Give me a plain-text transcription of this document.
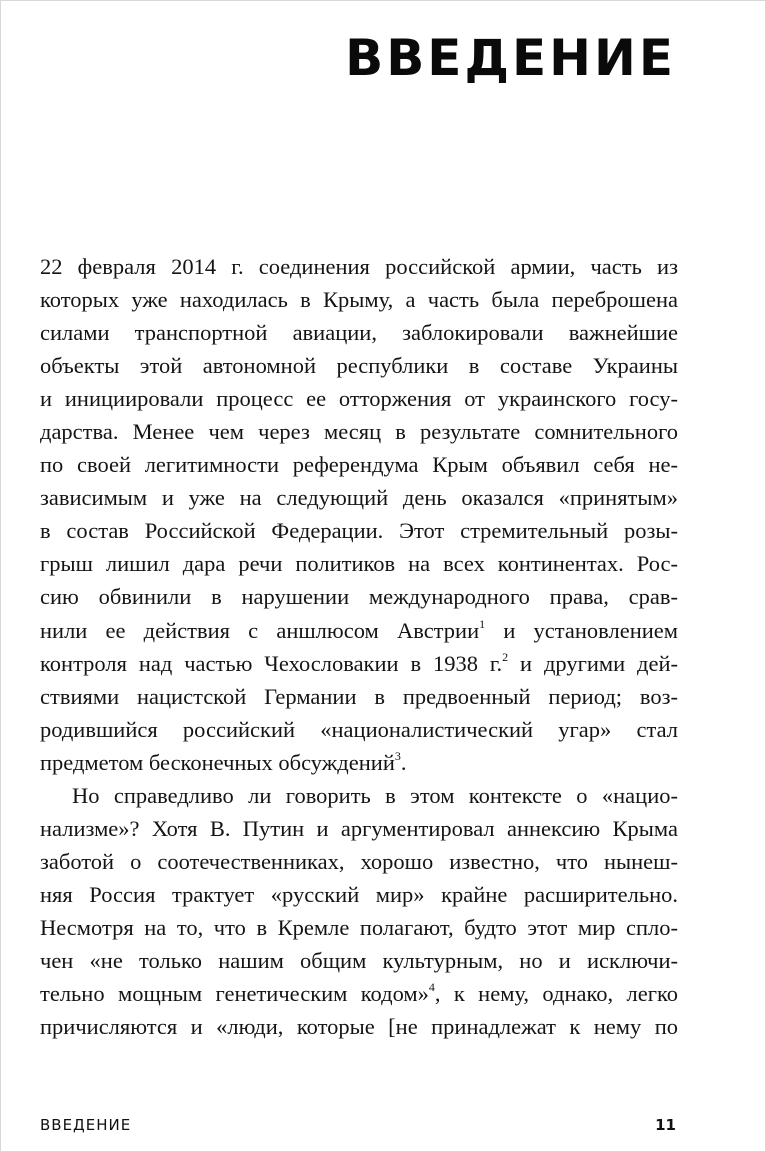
ВВЕДЕНИЕ
22 февраля 2014 г. соединения российской армии, часть из
которых уже находилась в Крыму, а часть была переброшена
силами транспортной авиации, заблокировали важнейшие
объекты этой автономной республики в составе Украины
и инициировали процесс ее отторжения от украинского госу-
дарства. Менее чем через месяц в результате сомнительного
по своей легитимности референдума Крым объявил себя не-
зависимым и уже на следующий день оказался «принятым»
в состав Российской Федерации. Этот стремительный розы-
грыш лишил дара речи политиков на всех континентах. Рос-
сию обвинили в нарушении международного права, срав-
нили ее действия с аншлюсом Австрии$^1$ и установлением
контроля над частью Чехословакии в 1938 г.$^2$ и другими дей-
ствиями нацистской Германии в предвоенный период; воз-
родившийся российский «националистический угар» стал
предметом бесконечных обсуждений$^3$.
Но справедливо ли говорить в этом контексте о «нацио-
нализме»? Хотя В. Путин и аргументировал аннексию Крыма
заботой о соотечественниках, хорошо известно, что нынеш-
няя Россия трактует «русский мир» крайне расширительно.
Несмотря на то, что в Кремле полагают, будто этот мир спло-
чен «не только нашим общим культурным, но и исключи-
тельно мощным генетическим кодом»$^4$, к нему, однако, легко
причисляются и «люди, которые [не принадлежат к нему по
ВВЕДЕНИЕ	11
